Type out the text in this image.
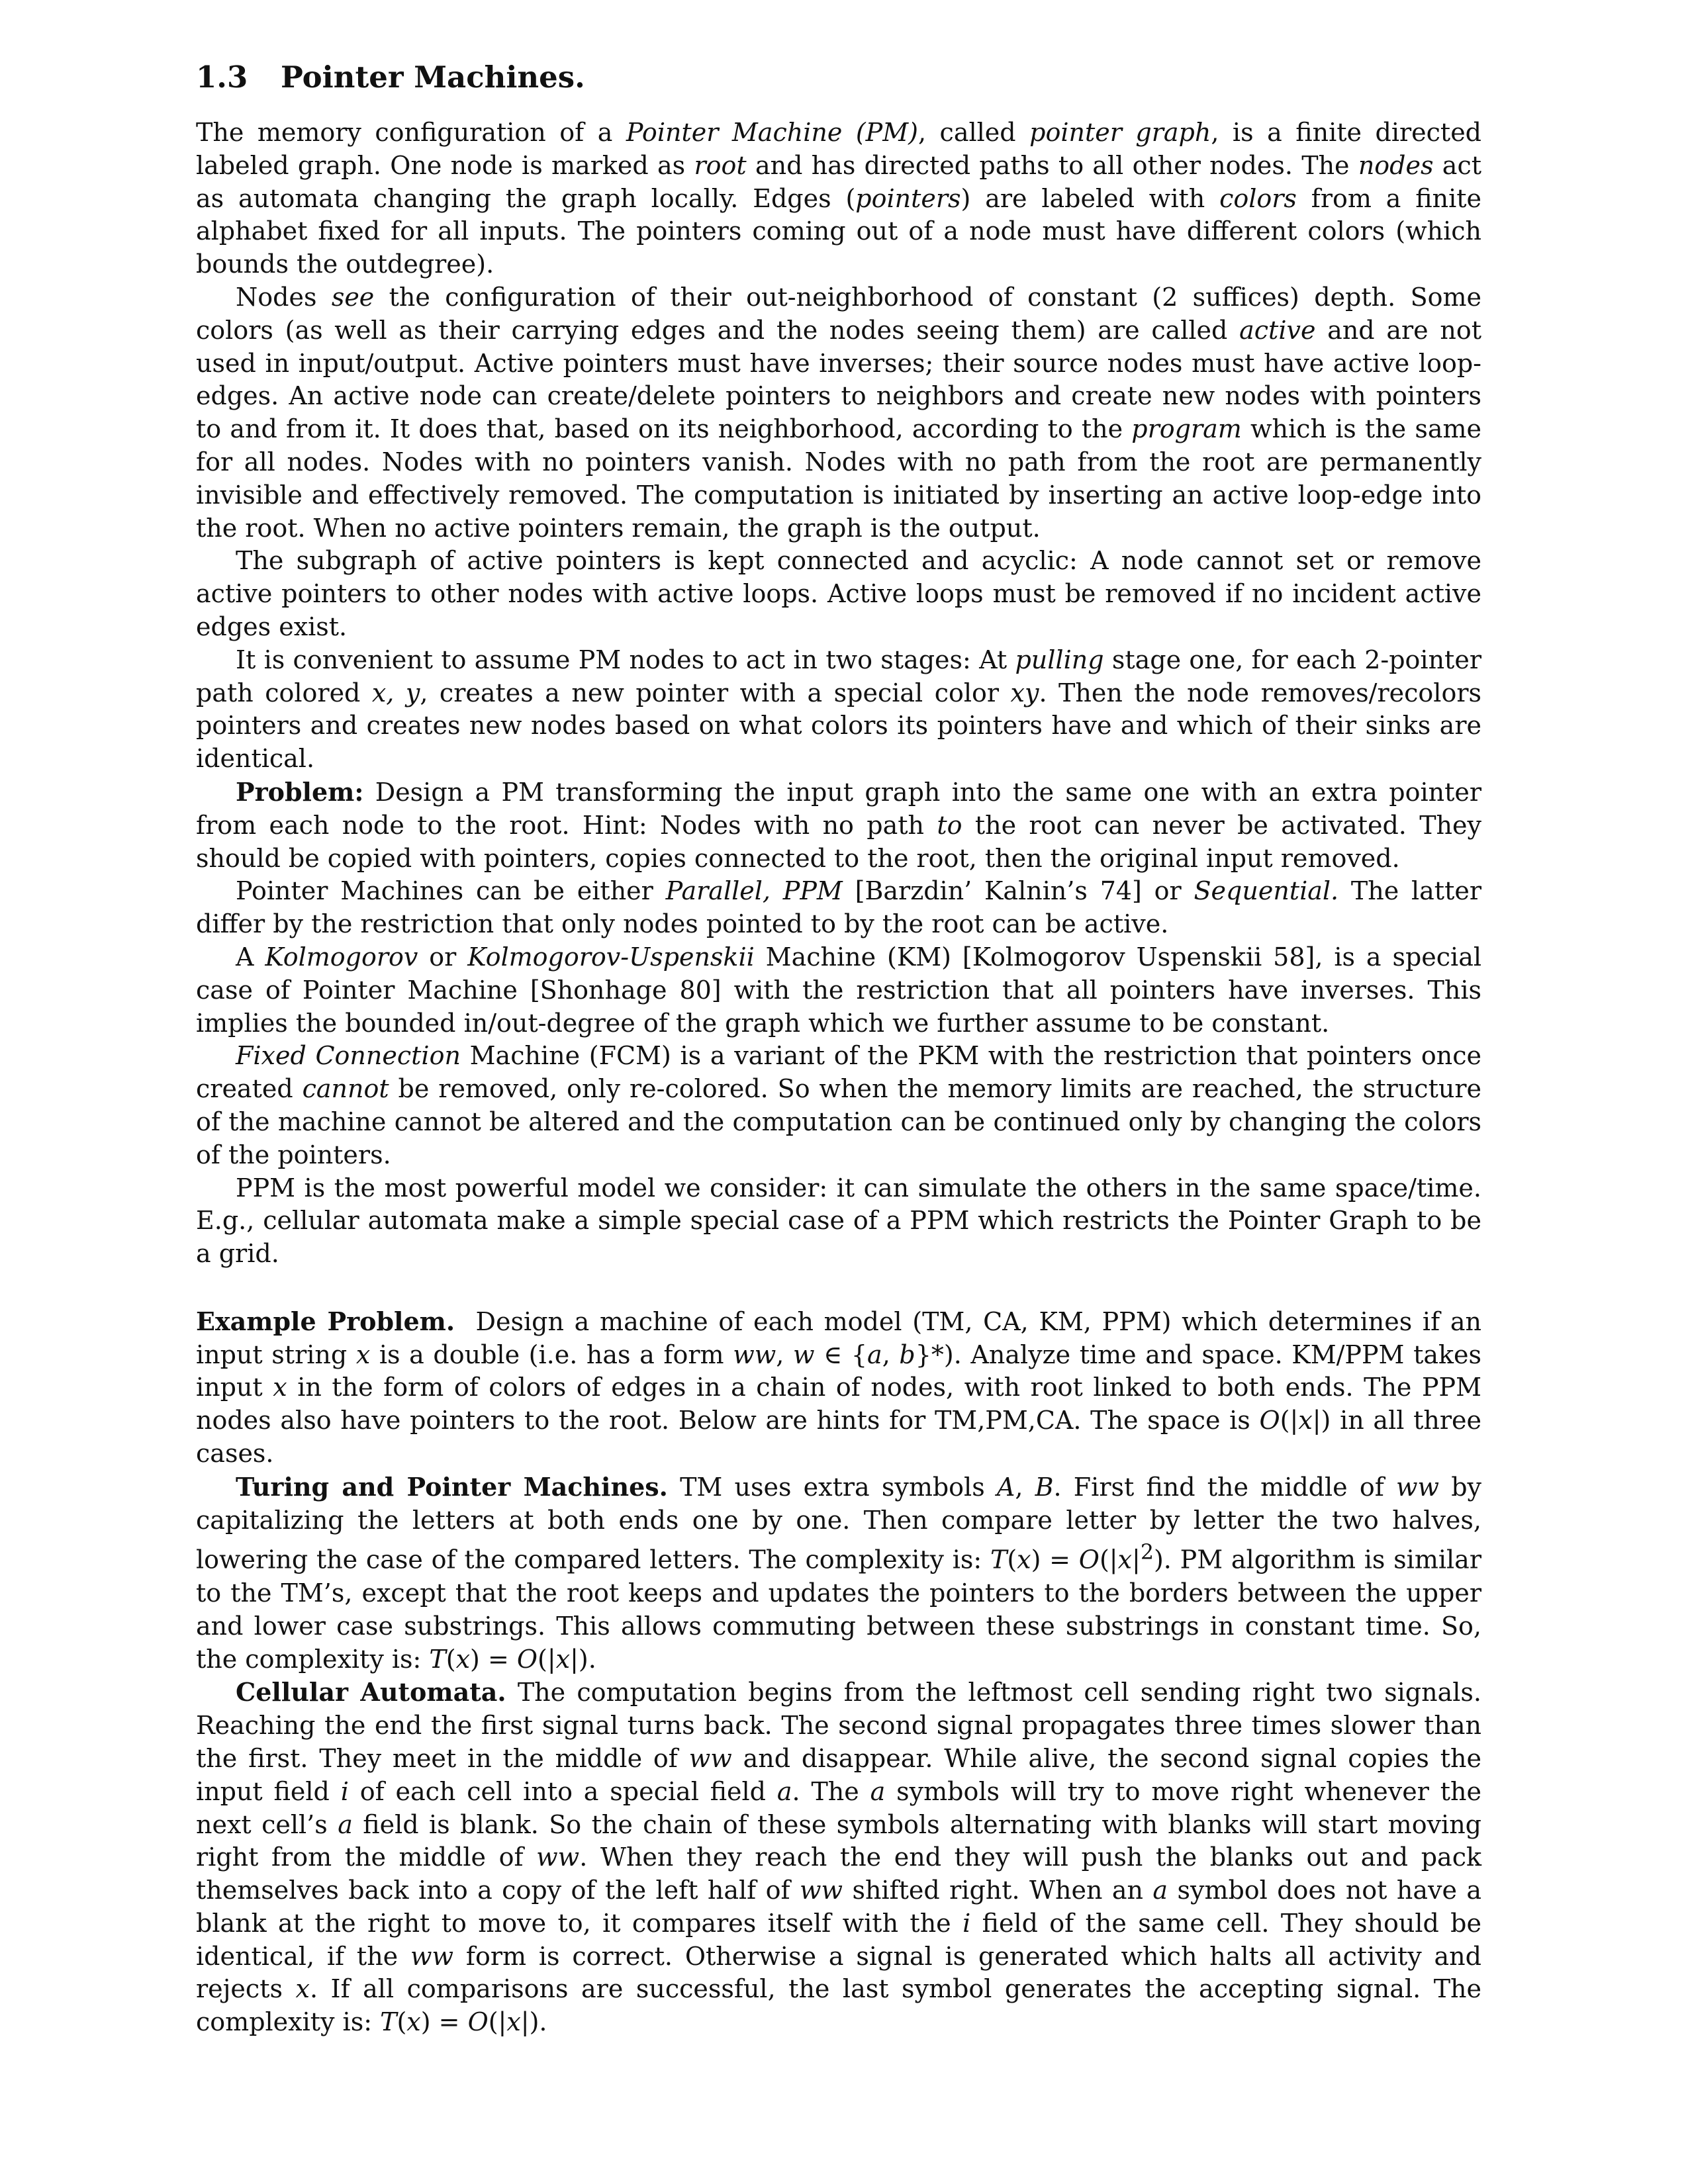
1.3 Pointer Machines.

The memory configuration of a Pointer Machine (PM), called pointer graph, is a finite directed labeled graph. One node is marked as root and has directed paths to all other nodes. The nodes act as automata changing the graph locally. Edges (pointers) are labeled with colors from a finite alphabet fixed for all inputs. The pointers coming out of a node must have different colors (which bounds the outdegree).

Nodes see the configuration of their out-neighborhood of constant (2 suffices) depth. Some colors (as well as their carrying edges and the nodes seeing them) are called active and are not used in input/output. Active pointers must have inverses; their source nodes must have active loop-edges. An active node can create/delete pointers to neighbors and create new nodes with pointers to and from it. It does that, based on its neighborhood, according to the program which is the same for all nodes. Nodes with no pointers vanish. Nodes with no path from the root are permanently invisible and effectively removed. The computation is initiated by inserting an active loop-edge into the root. When no active pointers remain, the graph is the output.

The subgraph of active pointers is kept connected and acyclic: A node cannot set or remove active pointers to other nodes with active loops. Active loops must be removed if no incident active edges exist.

It is convenient to assume PM nodes to act in two stages: At pulling stage one, for each 2-pointer path colored x, y, creates a new pointer with a special color xy. Then the node removes/recolors pointers and creates new nodes based on what colors its pointers have and which of their sinks are identical.

Problem: Design a PM transforming the input graph into the same one with an extra pointer from each node to the root. Hint: Nodes with no path to the root can never be activated. They should be copied with pointers, copies connected to the root, then the original input removed.

Pointer Machines can be either Parallel, PPM [Barzdin’ Kalnin’s 74] or Sequential. The latter differ by the restriction that only nodes pointed to by the root can be active.

A Kolmogorov or Kolmogorov-Uspenskii Machine (KM) [Kolmogorov Uspenskii 58], is a special case of Pointer Machine [Shonhage 80] with the restriction that all pointers have inverses. This implies the bounded in/out-degree of the graph which we further assume to be constant.

Fixed Connection Machine (FCM) is a variant of the PKM with the restriction that pointers once created cannot be removed, only re-colored. So when the memory limits are reached, the structure of the machine cannot be altered and the computation can be continued only by changing the colors of the pointers.

PPM is the most powerful model we consider: it can simulate the others in the same space/time. E.g., cellular automata make a simple special case of a PPM which restricts the Pointer Graph to be a grid.

Example Problem.  Design a machine of each model (TM, CA, KM, PPM) which determines if an input string x is a double (i.e. has a form ww, w ∈ {a, b}*). Analyze time and space. KM/PPM takes input x in the form of colors of edges in a chain of nodes, with root linked to both ends. The PPM nodes also have pointers to the root. Below are hints for TM,PM,CA. The space is O(|x|) in all three cases.

Turing and Pointer Machines. TM uses extra symbols A, B. First find the middle of ww by capitalizing the letters at both ends one by one. Then compare letter by letter the two halves, lowering the case of the compared letters. The complexity is: $T(x) = O(|x|^2)$. PM algorithm is similar to the TM’s, except that the root keeps and updates the pointers to the borders between the upper and lower case substrings. This allows commuting between these substrings in constant time. So, the complexity is: T(x) = O(|x|).

Cellular Automata. The computation begins from the leftmost cell sending right two signals. Reaching the end the first signal turns back. The second signal propagates three times slower than the first. They meet in the middle of ww and disappear. While alive, the second signal copies the input field i of each cell into a special field a. The a symbols will try to move right whenever the next cell’s a field is blank. So the chain of these symbols alternating with blanks will start moving right from the middle of ww. When they reach the end they will push the blanks out and pack themselves back into a copy of the left half of ww shifted right. When an a symbol does not have a blank at the right to move to, it compares itself with the i field of the same cell. They should be identical, if the ww form is correct. Otherwise a signal is generated which halts all activity and rejects x. If all comparisons are successful, the last symbol generates the accepting signal. The complexity is: T(x) = O(|x|).
